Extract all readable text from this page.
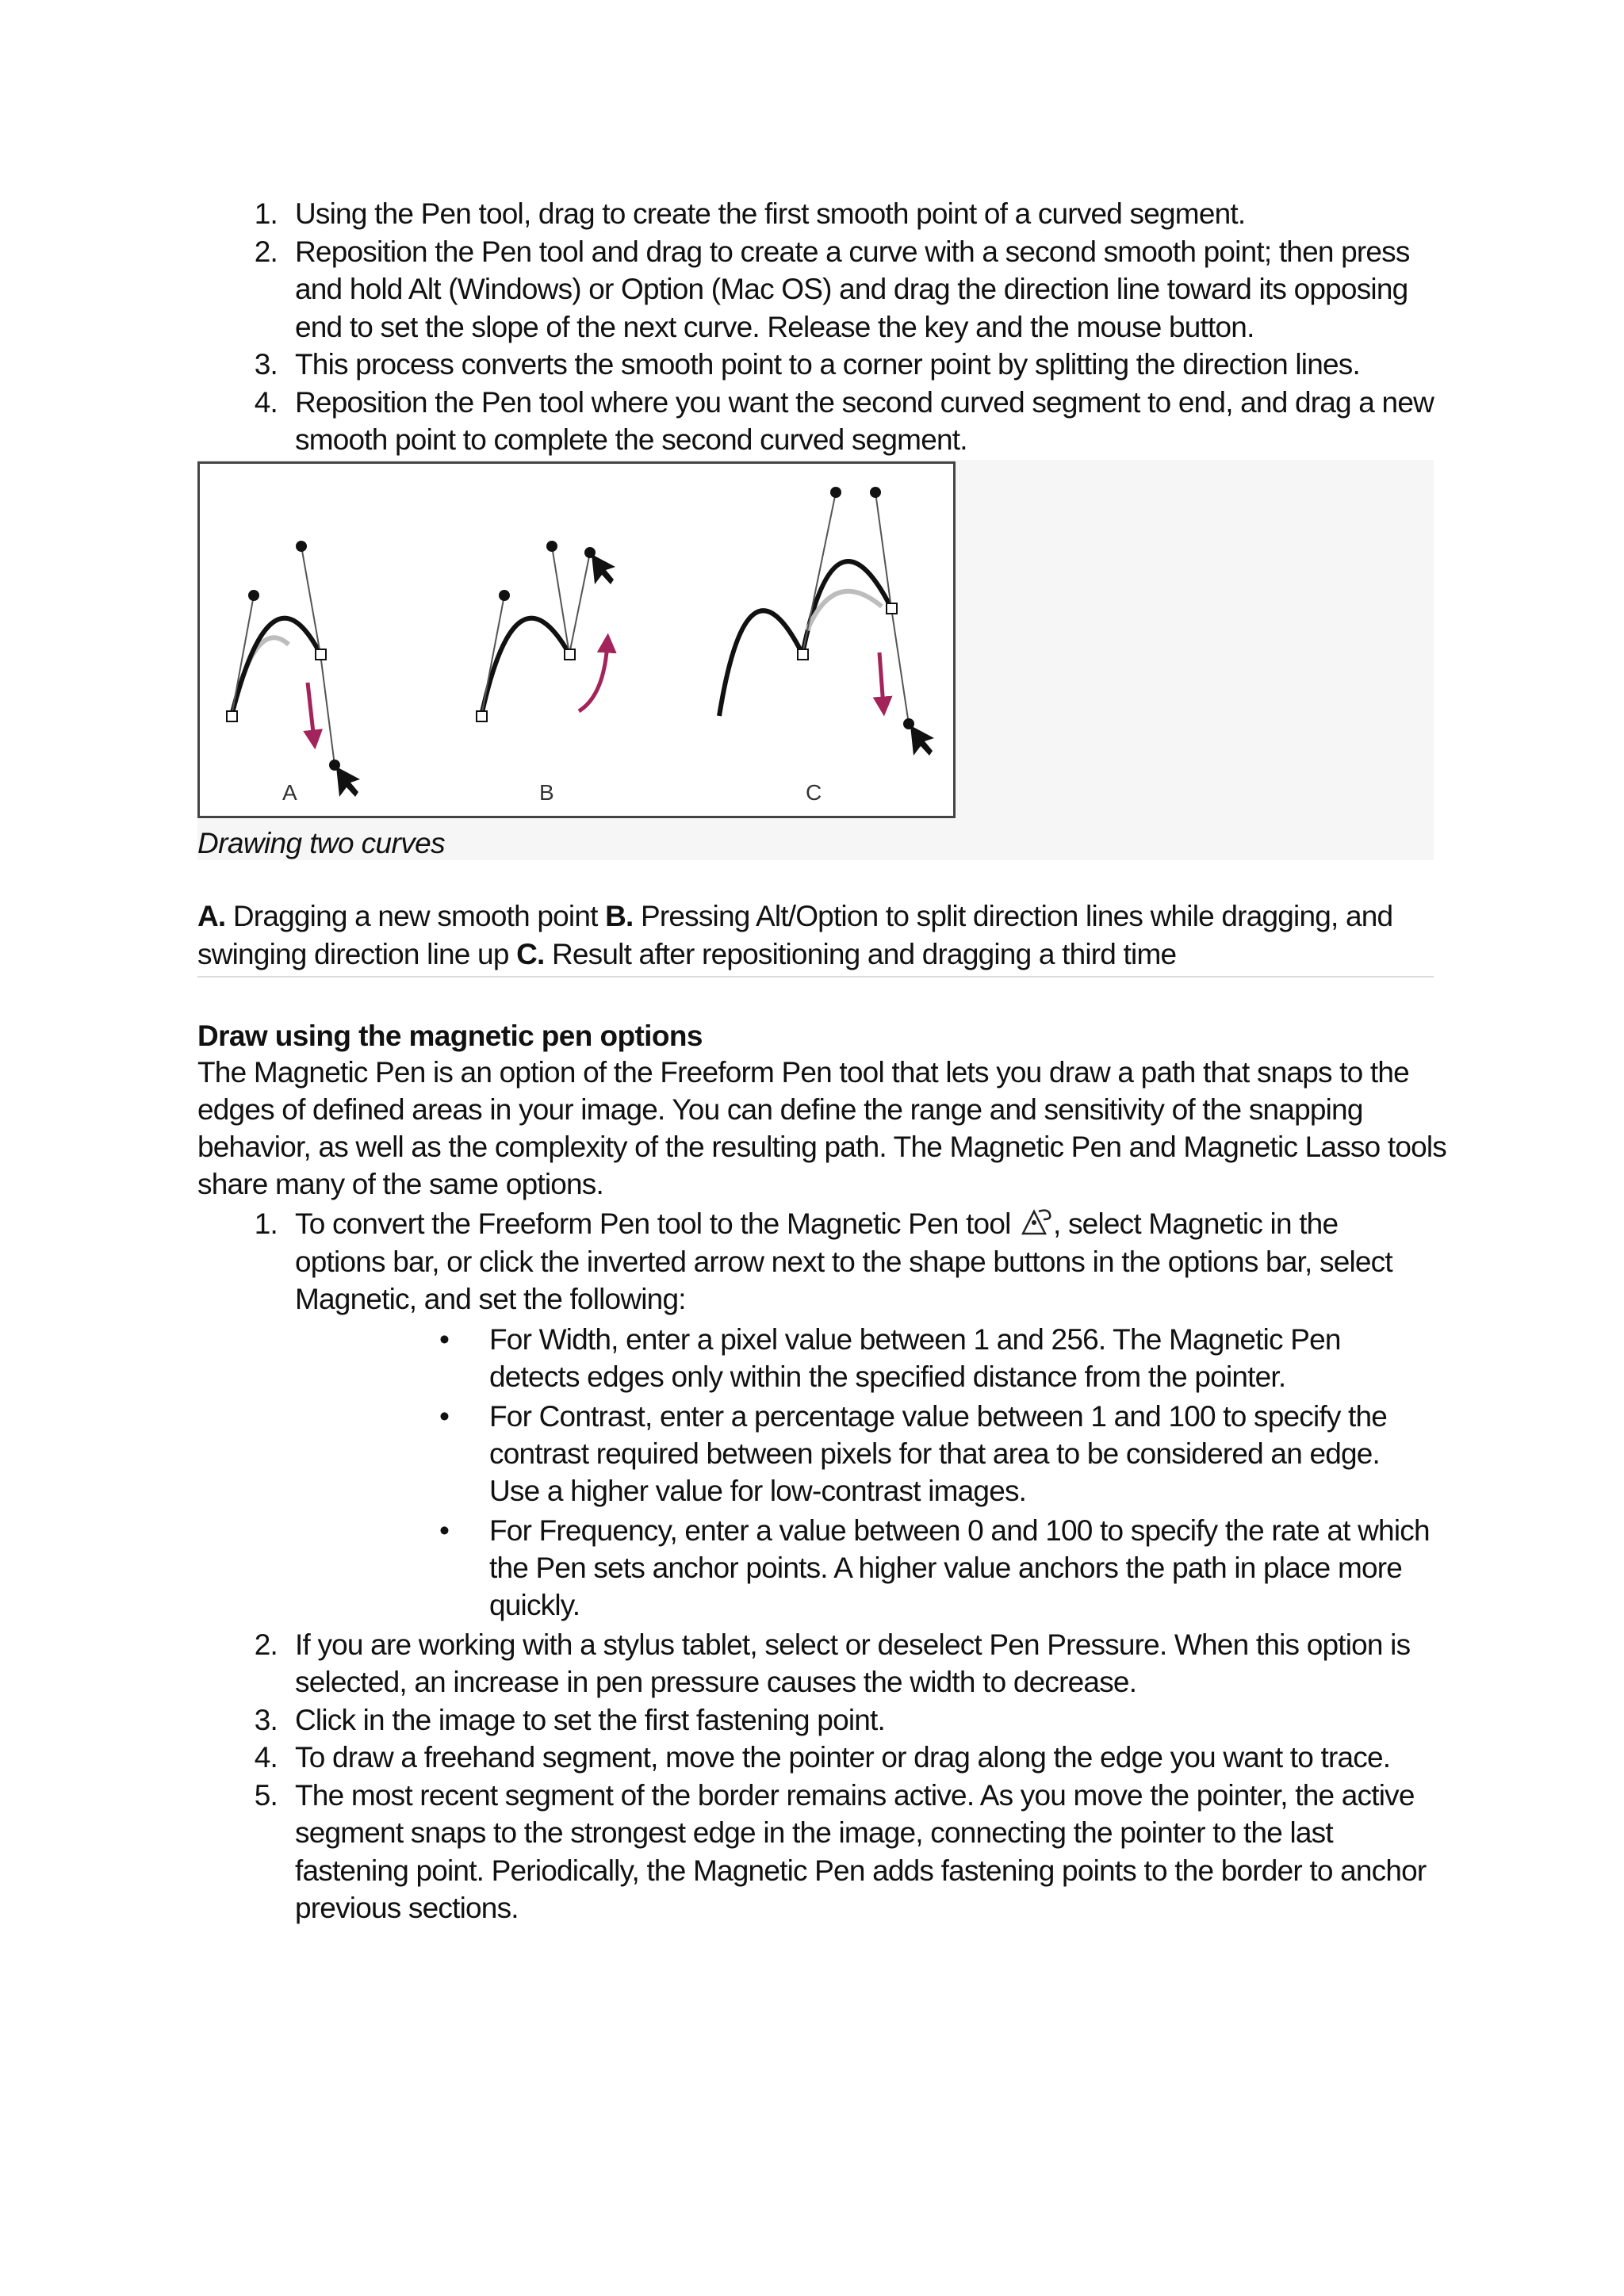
1. Using the Pen tool, drag to create the first smooth point of a curved segment.
2. Reposition the Pen tool and drag to create a curve with a second smooth point; then press and hold Alt (Windows) or Option (Mac OS) and drag the direction line toward its opposing end to set the slope of the next curve. Release the key and the mouse button.
3. This process converts the smooth point to a corner point by splitting the direction lines.
4. Reposition the Pen tool where you want the second curved segment to end, and drag a new smooth point to complete the second curved segment.
A	B	C
Drawing two curves
A. Dragging a new smooth point B. Pressing Alt/Option to split direction lines while dragging, and swinging direction line up C. Result after repositioning and dragging a third time
Draw using the magnetic pen options
The Magnetic Pen is an option of the Freeform Pen tool that lets you draw a path that snaps to the edges of defined areas in your image. You can define the range and sensitivity of the snapping behavior, as well as the complexity of the resulting path. The Magnetic Pen and Magnetic Lasso tools share many of the same options.
1. To convert the Freeform Pen tool to the Magnetic Pen tool , select Magnetic in the options bar, or click the inverted arrow next to the shape buttons in the options bar, select Magnetic, and set the following:
• For Width, enter a pixel value between 1 and 256. The Magnetic Pen detects edges only within the specified distance from the pointer.
• For Contrast, enter a percentage value between 1 and 100 to specify the contrast required between pixels for that area to be considered an edge. Use a higher value for low-contrast images.
• For Frequency, enter a value between 0 and 100 to specify the rate at which the Pen sets anchor points. A higher value anchors the path in place more quickly.
2. If you are working with a stylus tablet, select or deselect Pen Pressure. When this option is selected, an increase in pen pressure causes the width to decrease.
3. Click in the image to set the first fastening point.
4. To draw a freehand segment, move the pointer or drag along the edge you want to trace.
5. The most recent segment of the border remains active. As you move the pointer, the active segment snaps to the strongest edge in the image, connecting the pointer to the last fastening point. Periodically, the Magnetic Pen adds fastening points to the border to anchor previous sections.
